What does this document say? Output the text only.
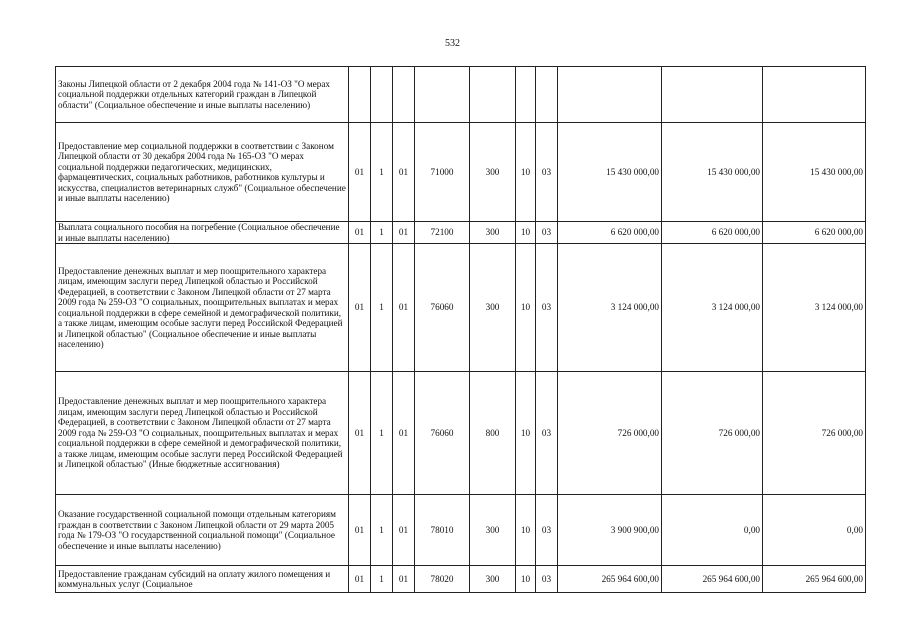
532
Законы Липецкой области от 2 декабря 2004 года № 141-ОЗ "О мерах социальной поддержки отдельных категорий граждан в Липецкой области" (Социальное обеспечение и иные выплаты населению)										
Предоставление мер социальной поддержки в соответствии с Законом Липецкой области от 30 декабря 2004 года № 165-ОЗ "О мерах социальной поддержки педагогических, медицинских, фармацевтических, социальных работников, работников культуры и искусства, специалистов ветеринарных служб" (Социальное обеспечение и иные выплаты населению)	01	1	01	71000	300	10	03	15 430 000,00	15 430 000,00	15 430 000,00
Выплата социального пособия на погребение (Социальное обеспечение и иные выплаты населению)	01	1	01	72100	300	10	03	6 620 000,00	6 620 000,00	6 620 000,00
Предоставление денежных выплат и мер поощрительного характера лицам, имеющим заслуги перед Липецкой областью и Российской Федерацией, в соответствии с Законом Липецкой области от 27 марта 2009 года № 259-ОЗ "О социальных, поощрительных выплатах и мерах социальной поддержки в сфере семейной и демографической политики, а также лицам, имеющим особые заслуги перед Российской Федерацией и Липецкой областью" (Социальное обеспечение и иные выплаты населению)	01	1	01	76060	300	10	03	3 124 000,00	3 124 000,00	3 124 000,00
Предоставление денежных выплат и мер поощрительного характера лицам, имеющим заслуги перед Липецкой областью и Российской Федерацией, в соответствии с Законом Липецкой области от 27 марта 2009 года № 259-ОЗ "О социальных, поощрительных выплатах и мерах социальной поддержки в сфере семейной и демографической политики, а также лицам, имеющим особые заслуги перед Российской Федерацией и Липецкой областью" (Иные бюджетные ассигнования)	01	1	01	76060	800	10	03	726 000,00	726 000,00	726 000,00
Оказание государственной социальной помощи отдельным категориям граждан в соответствии с Законом Липецкой области от 29 марта 2005 года № 179-ОЗ "О государственной социальной помощи" (Социальное обеспечение и иные выплаты населению)	01	1	01	78010	300	10	03	3 900 900,00	0,00	0,00
Предоставление гражданам субсидий на оплату жилого помещения и коммунальных услуг (Социальное	01	1	01	78020	300	10	03	265 964 600,00	265 964 600,00	265 964 600,00
